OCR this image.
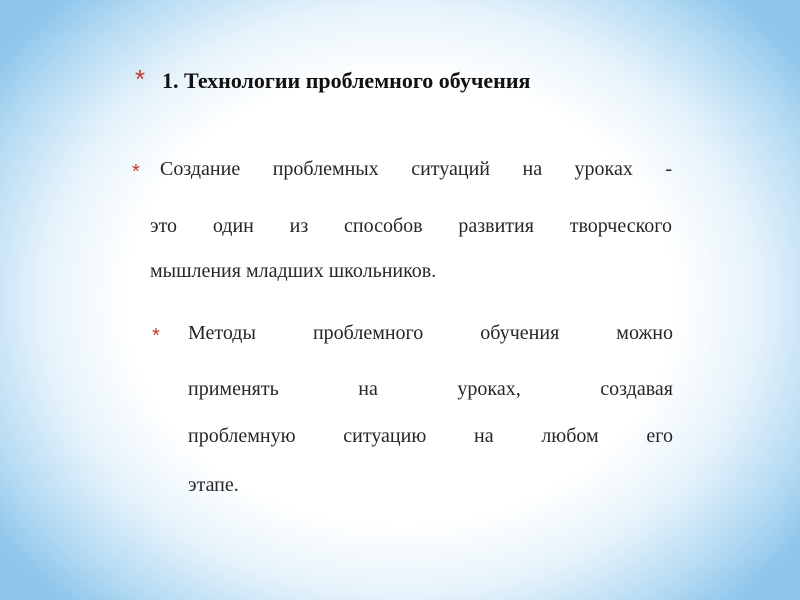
* 1. Технологии проблемного обучения
* Создание проблемных ситуаций на уроках -
это один из способов развития творческого
мышления младших школьников.
* Методы проблемного обучения можно
применять на уроках, создавая
проблемную ситуацию на любом его
этапе.
